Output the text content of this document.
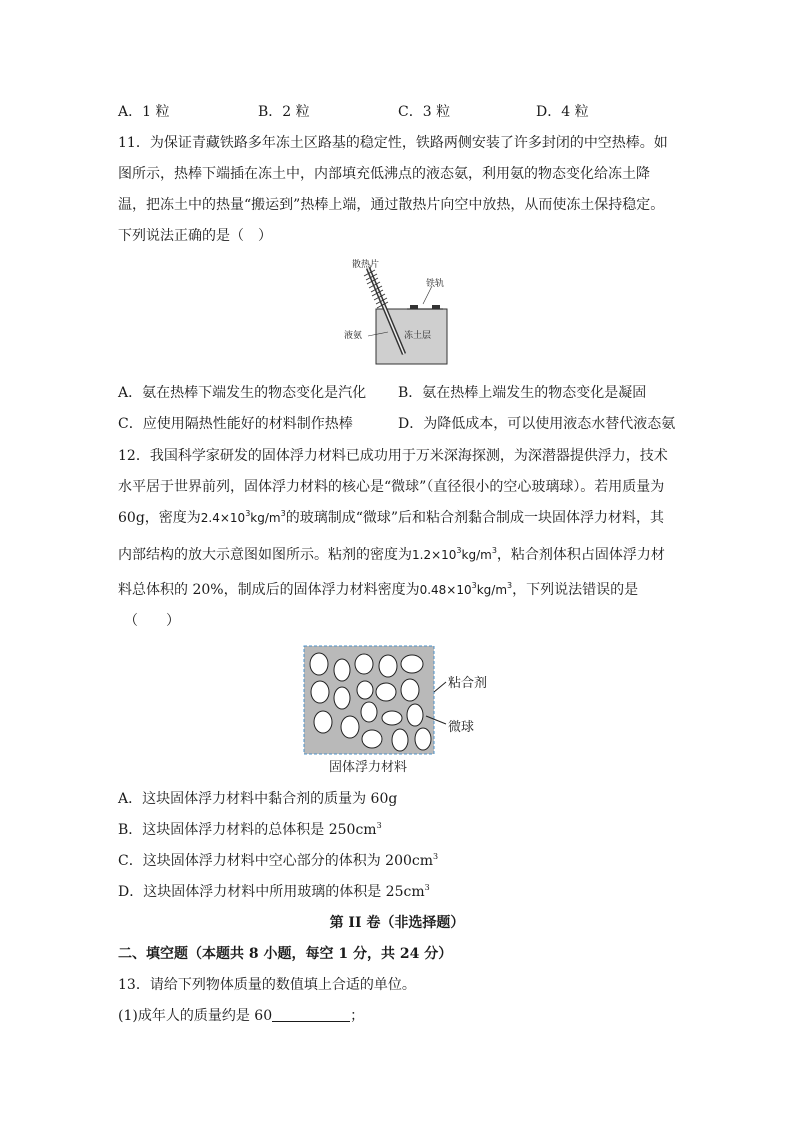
A．1 粒	B．2 粒	C．3 粒	D．4 粒
11．为保证青藏铁路多年冻土区路基的稳定性，铁路两侧安装了许多封闭的中空热棒。如
图所示，热棒下端插在冻土中，内部填充低沸点的液态氨，利用氨的物态变化给冻土降
温，把冻土中的热量“搬运到”热棒上端，通过散热片向空中放热，从而使冻土保持稳定。
下列说法正确的是（　）
散热片
铁轨
液氨	冻土层
A．氨在热棒下端发生的物态变化是汽化 B．氨在热棒上端发生的物态变化是凝固
C．应使用隔热性能好的材料制作热棒	D．为降低成本，可以使用液态水替代液态氨
12．我国科学家研发的固体浮力材料已成功用于万米深海探测，为深潜器提供浮力，技术
水平居于世界前列，固体浮力材料的核心是“微球”（直径很小的空心玻璃球）。若用质量为
60g，密度为$2.4\times 10^3kg/m^3$的玻璃制成“微球”后和粘合剂黏合制成一块固体浮力材料，其
内部结构的放大示意图如图所示。粘剂的密度为$1.2\times 10^3kg/m^3$，粘合剂体积占固体浮力材
料总体积的 20%，制成后的固体浮力材料密度为$0.48\times 10^3kg/m^3$，下列说法错误的是
（　　）
粘合剂
微球
固体浮力材料
A．这块固体浮力材料中黏合剂的质量为 60g
B．这块固体浮力材料的总体积是 $250cm^3$
C．这块固体浮力材料中空心部分的体积为 $200cm^3$
D．这块固体浮力材料中所用玻璃的体积是 $25cm^3$
第 II 卷（非选择题）
二、填空题（本题共 8 小题，每空 1 分，共 24 分）
13．请给下列物体质量的数值填上合适的单位。
(1)成年人的质量约是 60	；
